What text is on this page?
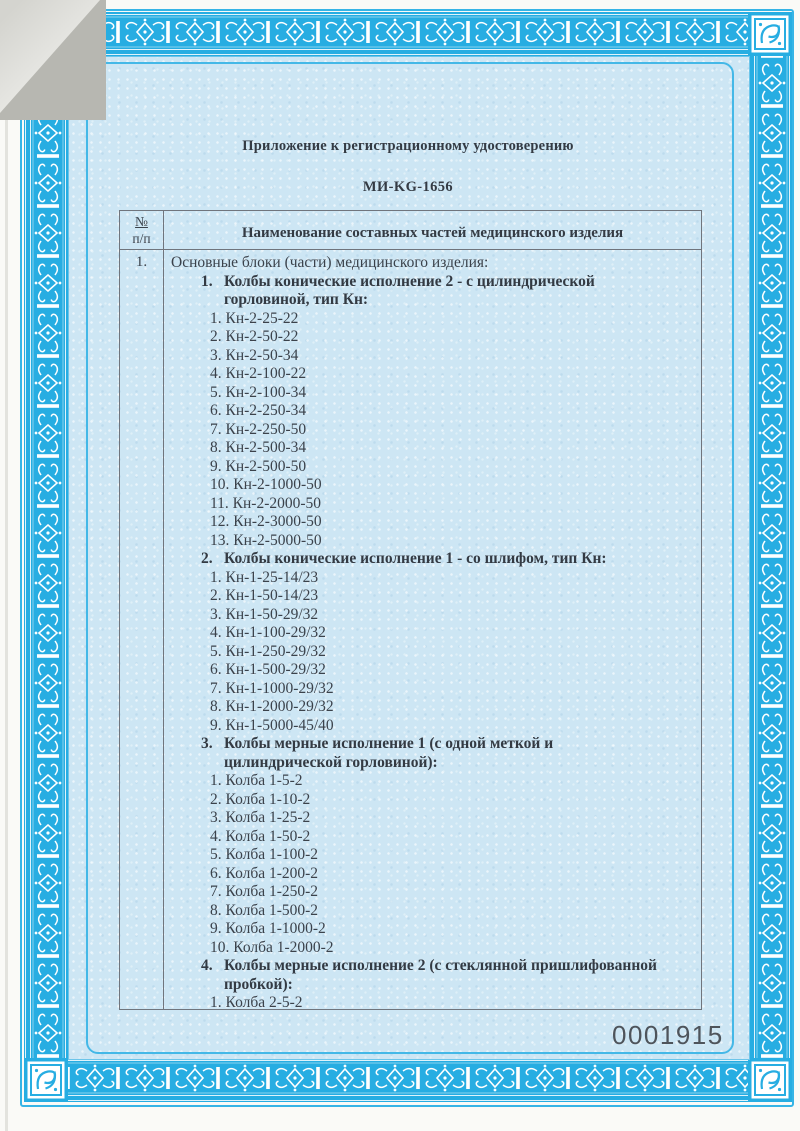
Приложение к регистрационному удостоверению
МИ-KG-1656
№
п/п	Наименование составных частей медицинского изделия
1.	Основные блоки (части) медицинского изделия:
1. Колбы конические исполнение 2 - с цилиндрической
горловиной, тип Кн:
1. Кн-2-25-22
2. Кн-2-50-22
3. Кн-2-50-34
4. Кн-2-100-22
5. Кн-2-100-34
6. Кн-2-250-34
7. Кн-2-250-50
8. Кн-2-500-34
9. Кн-2-500-50
10. Кн-2-1000-50
11. Кн-2-2000-50
12. Кн-2-3000-50
13. Кн-2-5000-50
2. Колбы конические исполнение 1 - со шлифом, тип Кн:
1. Кн-1-25-14/23
2. Кн-1-50-14/23
3. Кн-1-50-29/32
4. Кн-1-100-29/32
5. Кн-1-250-29/32
6. Кн-1-500-29/32
7. Кн-1-1000-29/32
8. Кн-1-2000-29/32
9. Кн-1-5000-45/40
3. Колбы мерные исполнение 1 (с одной меткой и
цилиндрической горловиной):
1. Колба 1-5-2
2. Колба 1-10-2
3. Колба 1-25-2
4. Колба 1-50-2
5. Колба 1-100-2
6. Колба 1-200-2
7. Колба 1-250-2
8. Колба 1-500-2
9. Колба 1-1000-2
10. Колба 1-2000-2
4. Колбы мерные исполнение 2 (с стеклянной пришлифованной
пробкой):
1. Колба 2-5-2
0001915
